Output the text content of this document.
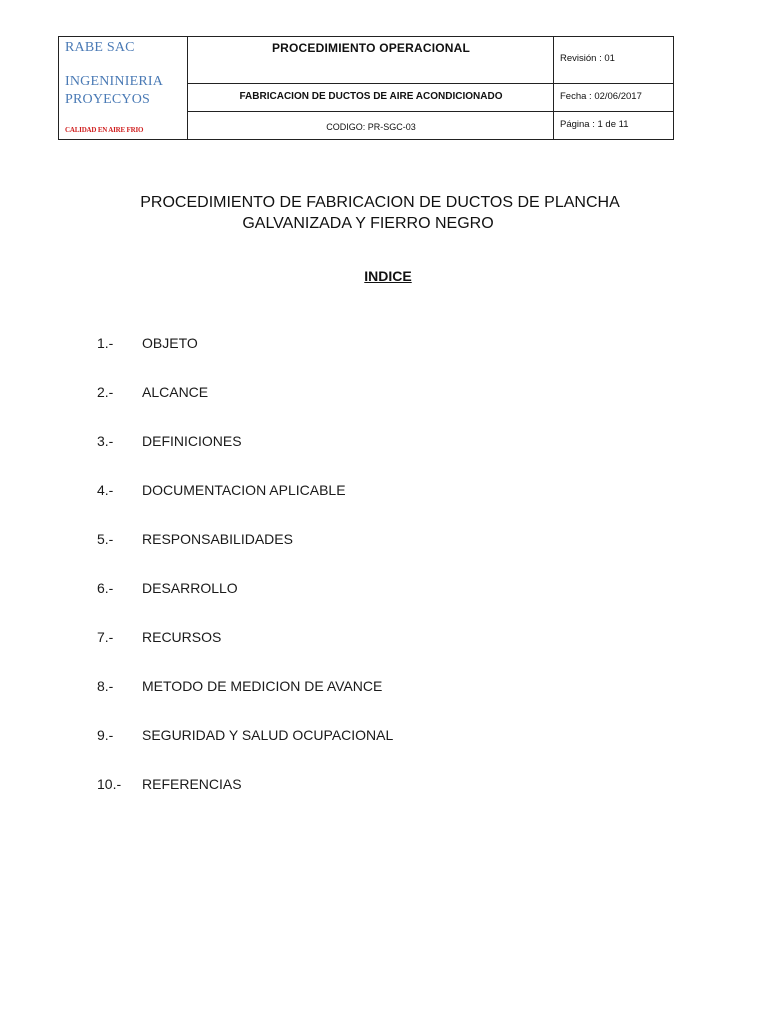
RABE SAC
INGENINIERIA
PROYECYOS
CALIDAD EN AIRE FRIO
PROCEDIMIENTO OPERACIONAL
FABRICACION DE DUCTOS DE AIRE ACONDICIONADO
CODIGO: PR-SGC-03
Revisión : 01
Fecha : 02/06/2017
Página : 1 de 11
PROCEDIMIENTO DE FABRICACION DE DUCTOS DE PLANCHA
GALVANIZADA Y FIERRO NEGRO
INDICE
1.- OBJETO
2.- ALCANCE
3.- DEFINICIONES
4.- DOCUMENTACION APLICABLE
5.- RESPONSABILIDADES
6.- DESARROLLO
7.- RECURSOS
8.- METODO DE MEDICION DE AVANCE
9.- SEGURIDAD Y SALUD OCUPACIONAL
10.- REFERENCIAS
